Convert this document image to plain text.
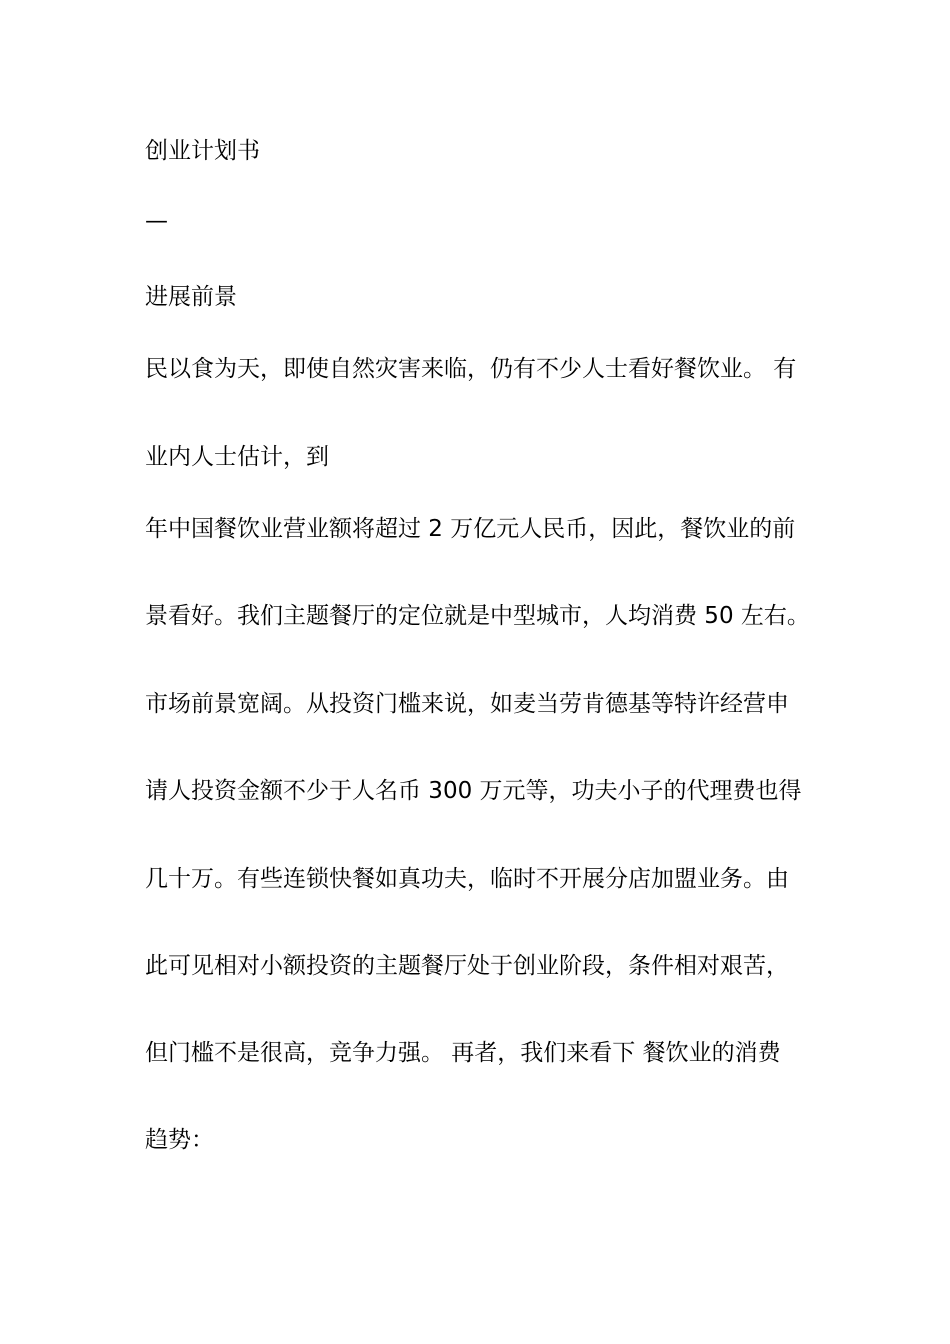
创业计划书
—
进展前景
民以食为天，即使自然灾害来临，仍有不少人士看好餐饮业。 有
业内人士估计，到
年中国餐饮业营业额将超过 2 万亿元人民币，因此，餐饮业的前
景看好。我们主题餐厅的定位就是中型城市，人均消费 50 左右。
市场前景宽阔。从投资门槛来说，如麦当劳肯德基等特许经营申
请人投资金额不少于人名币 300 万元等，功夫小子的代理费也得
几十万。有些连锁快餐如真功夫，临时不开展分店加盟业务。由
此可见相对小额投资的主题餐厅处于创业阶段，条件相对艰苦，
但门槛不是很高，竞争力强。 再者，我们来看下 餐饮业的消费
趋势：
